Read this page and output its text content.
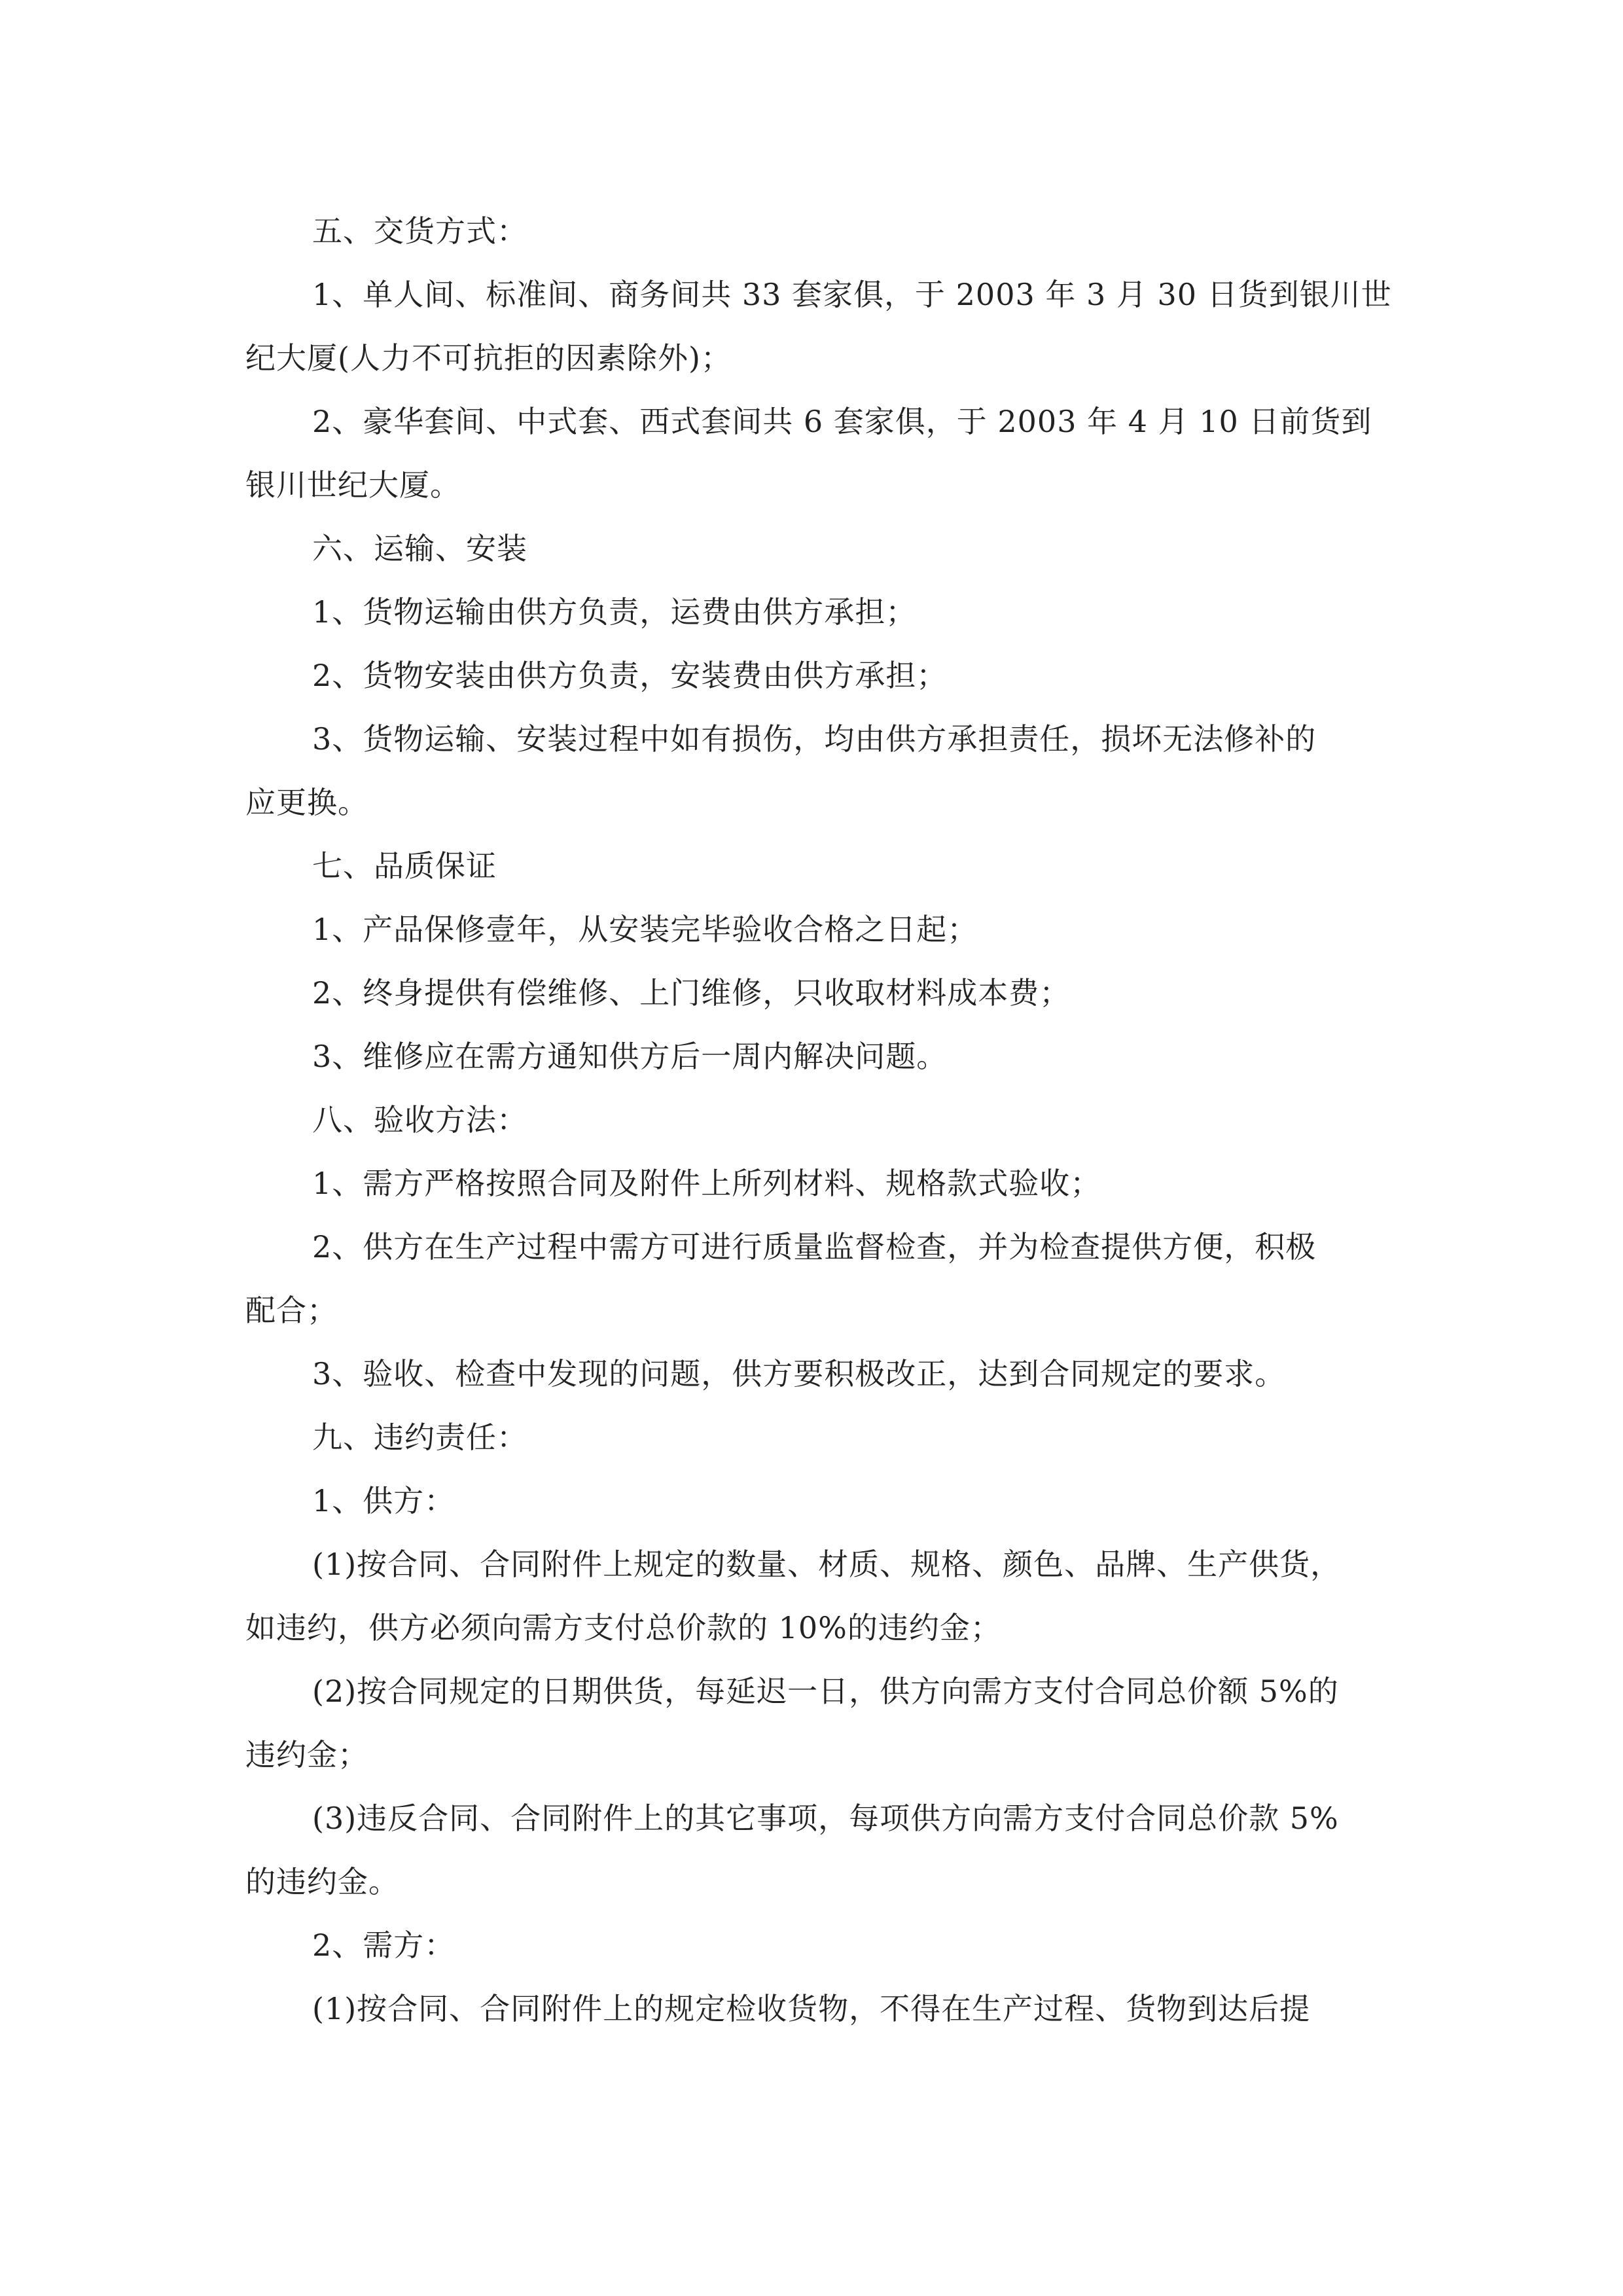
五、交货方式：

1、单人间、标准间、商务间共 33 套家俱，于 2003 年 3 月 30 日货到银川世

纪大厦(人力不可抗拒的因素除外)；

2、豪华套间、中式套、西式套间共 6 套家俱，于 2003 年 4 月 10 日前货到

银川世纪大厦。

六、运输、安装

1、货物运输由供方负责，运费由供方承担；

2、货物安装由供方负责，安装费由供方承担；

3、货物运输、安装过程中如有损伤，均由供方承担责任，损坏无法修补的

应更换。

七、品质保证

1、产品保修壹年，从安装完毕验收合格之日起；

2、终身提供有偿维修、上门维修，只收取材料成本费；

3、维修应在需方通知供方后一周内解决问题。

八、验收方法：

1、需方严格按照合同及附件上所列材料、规格款式验收；

2、供方在生产过程中需方可进行质量监督检查，并为检查提供方便，积极

配合；

3、验收、检查中发现的问题，供方要积极改正，达到合同规定的要求。

九、违约责任：

1、供方：

(1)按合同、合同附件上规定的数量、材质、规格、颜色、品牌、生产供货，

如违约，供方必须向需方支付总价款的 10%的违约金；

(2)按合同规定的日期供货，每延迟一日，供方向需方支付合同总价额 5%的

违约金；

(3)违反合同、合同附件上的其它事项，每项供方向需方支付合同总价款 5%

的违约金。

2、需方：

(1)按合同、合同附件上的规定检收货物，不得在生产过程、货物到达后提
